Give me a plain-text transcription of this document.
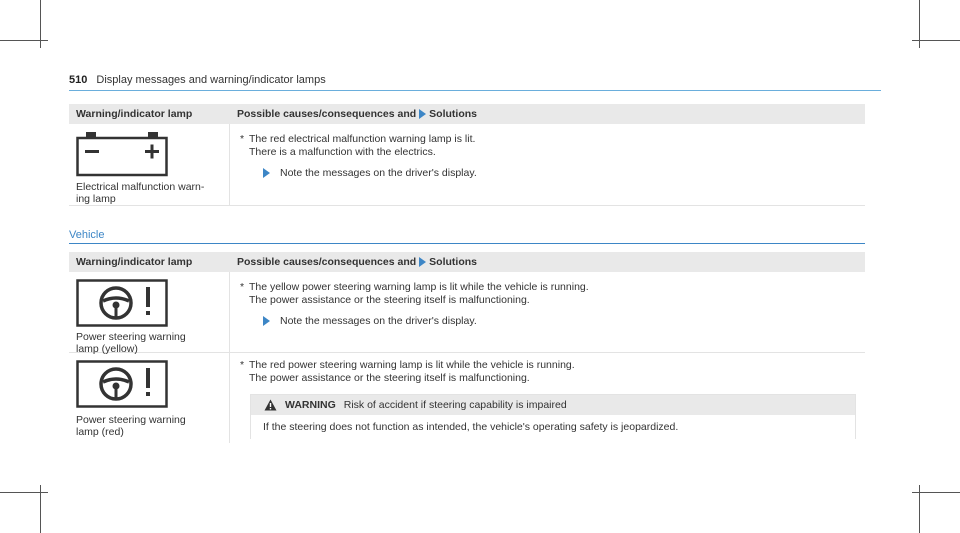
510 Display messages and warning/indicator lamps
Warning/indicator lamp	Possible causes/consequences and Solutions
Electrical malfunction warn-
ing lamp
* The red electrical malfunction warning lamp is lit.
There is a malfunction with the electrics.
Note the messages on the driver's display.
Vehicle
Warning/indicator lamp	Possible causes/consequences and Solutions
Power steering warning
lamp (yellow)
* The yellow power steering warning lamp is lit while the vehicle is running.
The power assistance or the steering itself is malfunctioning.
Note the messages on the driver's display.
Power steering warning
lamp (red)
* The red power steering warning lamp is lit while the vehicle is running.
The power assistance or the steering itself is malfunctioning.
WARNING Risk of accident if steering capability is impaired
If the steering does not function as intended, the vehicle's operating safety is jeopardized.
